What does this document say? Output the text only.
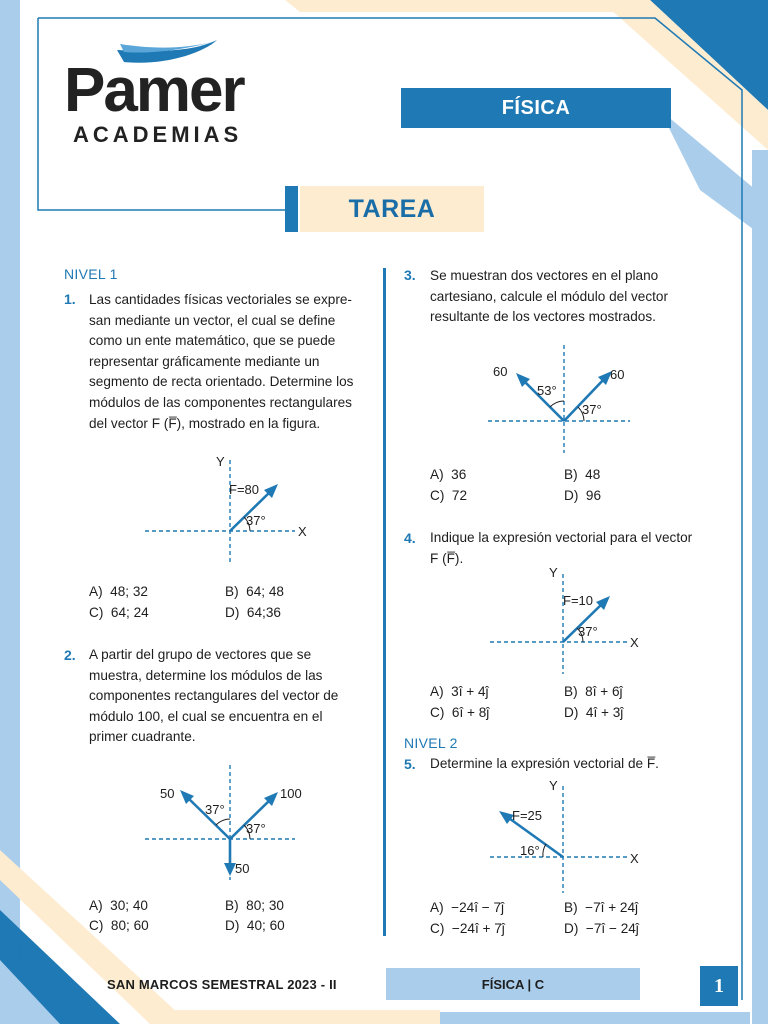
Pamer
ACADEMIAS
FÍSICA
TAREA
NIVEL 1
1. Las cantidades físicas vectoriales se expre-
san mediante un vector, el cual se define
como un ente matemático, que se puede
representar gráficamente mediante un
segmento de recta orientado. Determine los
módulos de las componentes rectangulares
del vector F (F̅), mostrado en la figura.
Y
X
F=80
37°
A) 48; 32	B) 64; 48
C) 64; 24	D) 64;36
2. A partir del grupo de vectores que se
muestra, determine los módulos de las
componentes rectangulares del vector de
módulo 100, el cual se encuentra en el
primer cuadrante.
50	100
50
37°
37°
A) 30; 40	B) 80; 30
C) 80; 60	D) 40; 60
3. Se muestran dos vectores en el plano
cartesiano, calcule el módulo del vector
resultante de los vectores mostrados.
60	60
53°
37°
A) 36	B) 48
C) 72	D) 96
4. Indique la expresión vectorial para el vector
F (F̅).
Y
X
F=10
37°
A) 3î + 4ĵ	B) 8î + 6ĵ
C) 6î + 8ĵ	D) 4î + 3ĵ
NIVEL 2
5. Determine la expresión vectorial de F̅.
Y
X
F=25
16°
A) −24î − 7ĵ	B) −7î + 24ĵ
C) −24î + 7ĵ	D) −7î − 24ĵ
SAN MARCOS SEMESTRAL 2023 - II	FÍSICA | C	1
